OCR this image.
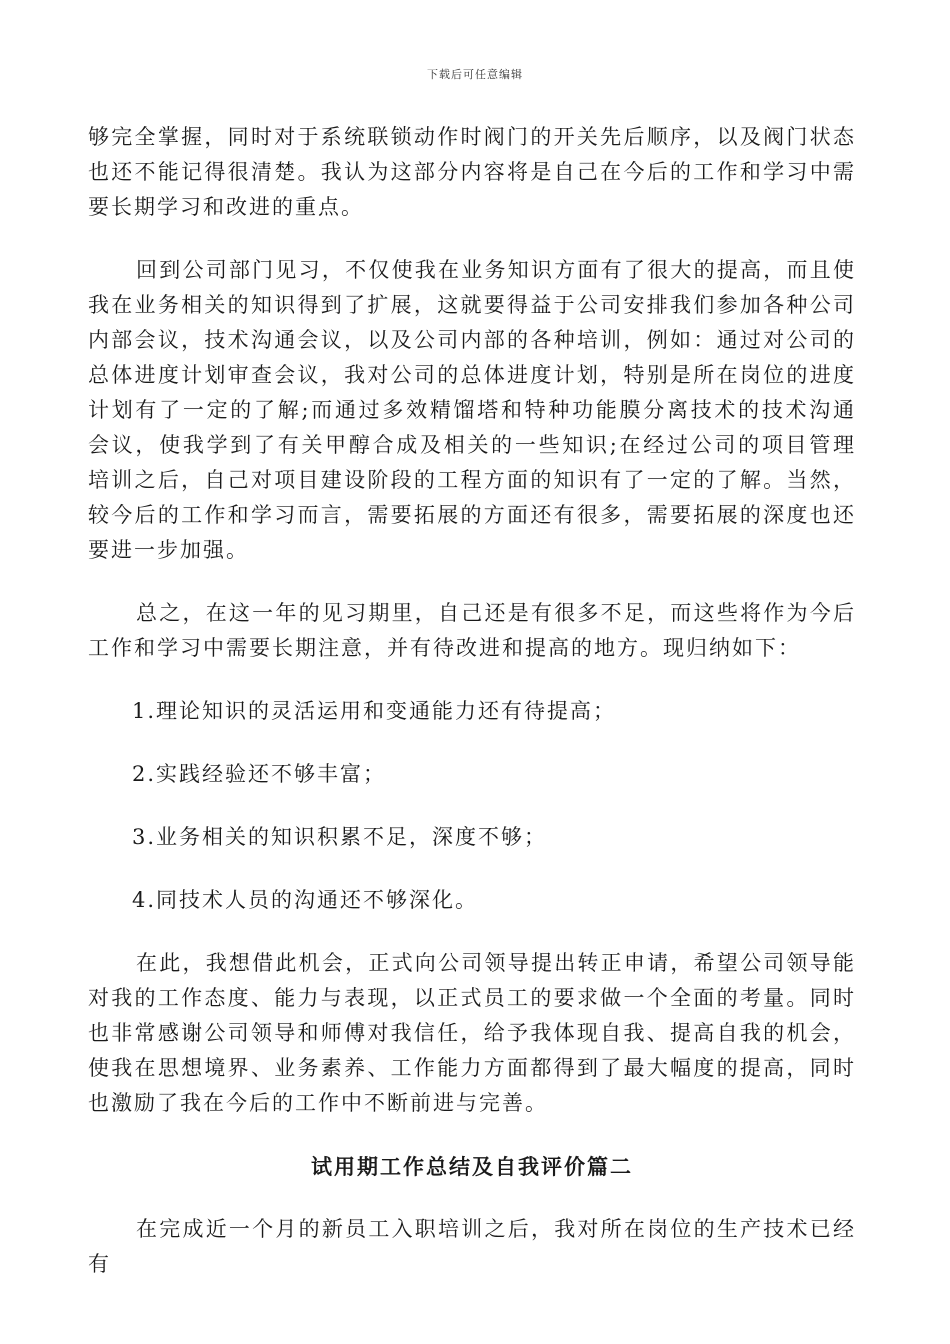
下载后可任意编辑

够完全掌握，同时对于系统联锁动作时阀门的开关先后顺序，以及阀门状态也还不能记得很清楚。我认为这部分内容将是自己在今后的工作和学习中需要长期学习和改进的重点。

回到公司部门见习，不仅使我在业务知识方面有了很大的提高，而且使我在业务相关的知识得到了扩展，这就要得益于公司安排我们参加各种公司内部会议，技术沟通会议，以及公司内部的各种培训，例如：通过对公司的总体进度计划审查会议，我对公司的总体进度计划，特别是所在岗位的进度计划有了一定的了解;而通过多效精馏塔和特种功能膜分离技术的技术沟通会议，使我学到了有关甲醇合成及相关的一些知识;在经过公司的项目管理培训之后，自己对项目建设阶段的工程方面的知识有了一定的了解。当然，较今后的工作和学习而言，需要拓展的方面还有很多，需要拓展的深度也还要进一步加强。

总之，在这一年的见习期里，自己还是有很多不足，而这些将作为今后工作和学习中需要长期注意，并有待改进和提高的地方。现归纳如下：

1.理论知识的灵活运用和变通能力还有待提高；

2.实践经验还不够丰富；

3.业务相关的知识积累不足，深度不够；

4.同技术人员的沟通还不够深化。

在此，我想借此机会，正式向公司领导提出转正申请，希望公司领导能对我的工作态度、能力与表现，以正式员工的要求做一个全面的考量。同时也非常感谢公司领导和师傅对我信任，给予我体现自我、提高自我的机会，使我在思想境界、业务素养、工作能力方面都得到了最大幅度的提高，同时也激励了我在今后的工作中不断前进与完善。

试用期工作总结及自我评价篇二

在完成近一个月的新员工入职培训之后，我对所在岗位的生产技术已经有
